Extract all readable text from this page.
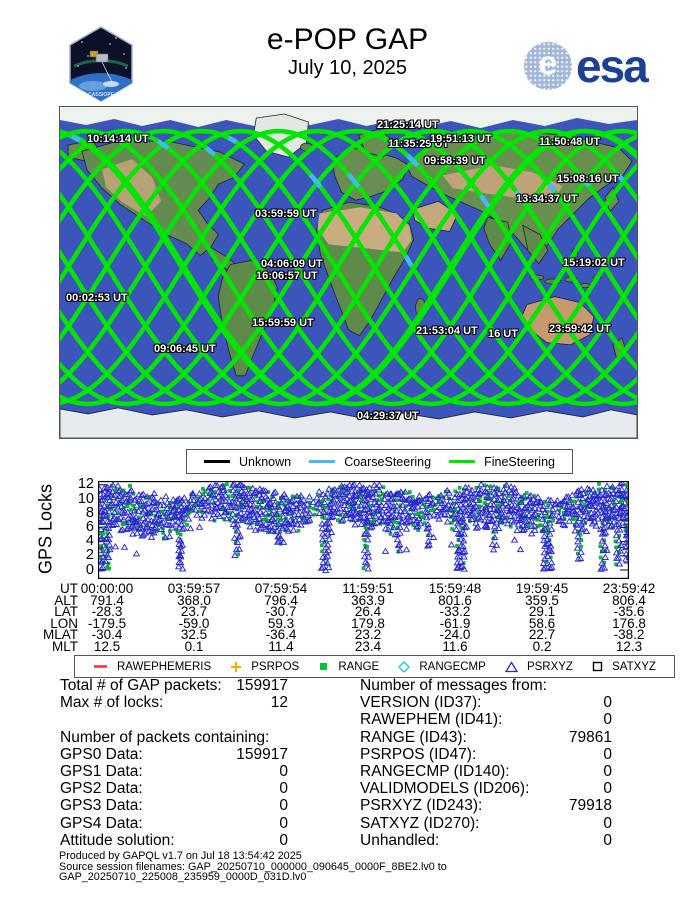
CASSIOPE
e-POP GAP
July 10, 2025	e esa
10:14:14 UT
21:25:14 UT
11:35:29 UT
19:51:13 UT
09:58:39 UT
11:50:48 UT
15:08:16 UT
13:34:37 UT
15:19:02 UT
03:59:59 UT
04:06:09 UT
16:06:57 UT
00:02:53 UT
15:59:59 UT
09:06:45 UT
21:53:04 UT 16 UT	23:59:42 UT
04:29:37 UT
Unknown	CoarseSteering	FineSteering
GPS Locks	0
2
4
6
8
10
12
UT 00:00:00	03:59:57	07:59:54	11:59:51	15:59:48	19:59:45	23:59:42
ALT 791.4	368.0	796.4	363.9	801.6	359.5	806.4
LAT	-28.3	23.7	-30.7	26.4	-33.2	29.1	-35.6
LON -179.5	-59.0	59.3	179.8	-61.9	58.6	176.8
MLAT	-30.4	32.5	-36.4	23.2	-24.0	22.7	-38.2
MLT	12.5	0.1	11.4	23.4	11.6	0.2	12.3
RAWEPHEMERIS	PSRPOS	RANGE	RANGECMP	PSRXYZ	SATXYZ
Total # of GAP packets: 159917
Max # of locks:	12
Number of packets containing:
GPS0 Data:	159917
GPS1 Data:	0
GPS2 Data:	0
GPS3 Data:	0
GPS4 Data:	0
Attitude solution:	0
Number of messages from:
VERSION (ID37):	0
RAWEPHEM (ID41):	0
RANGE (ID43):	79861
PSRPOS (ID47):	0
RANGECMP (ID140):	0
VALIDMODELS (ID206):	0
PSRXYZ (ID243):	79918
SATXYZ (ID270):	0
Unhandled:	0
Produced by GAPQL v1.7 on Jul 18 13:54:42 2025
Source session filenames: GAP_20250710_000000_090645_0000F_8BE2.lv0 to
GAP_20250710_225008_235959_0000D_031D.lv0
